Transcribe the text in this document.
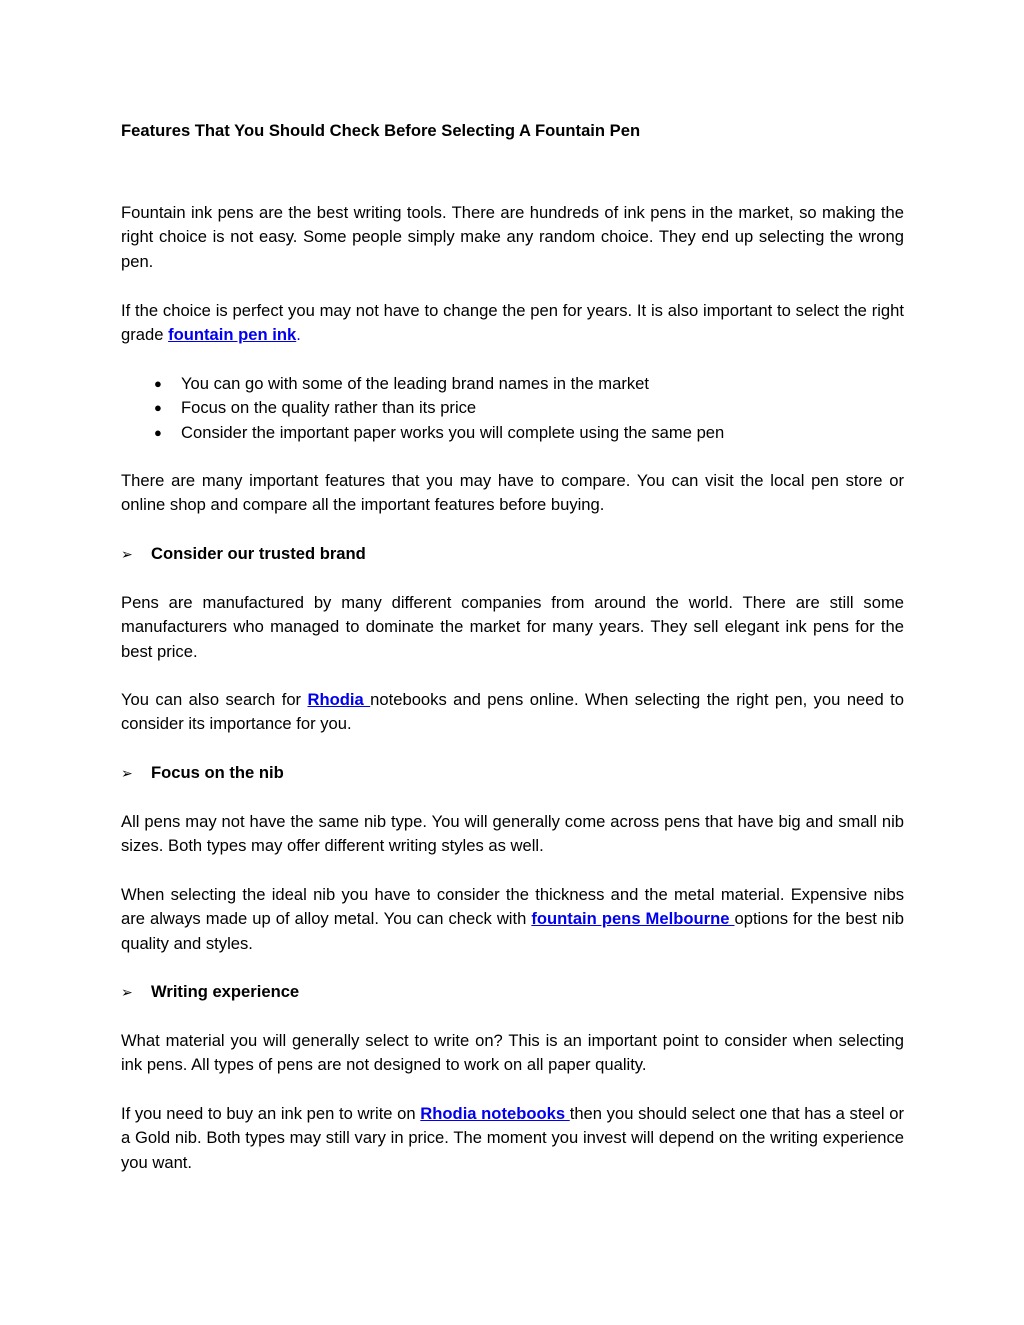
Features That You Should Check Before Selecting A Fountain Pen

Fountain ink pens are the best writing tools. There are hundreds of ink pens in the market, so making the right choice is not easy. Some people simply make any random choice. They end up selecting the wrong pen.

If the choice is perfect you may not have to change the pen for years. It is also important to select the right grade fountain pen ink.

● You can go with some of the leading brand names in the market
● Focus on the quality rather than its price
● Consider the important paper works you will complete using the same pen

There are many important features that you may have to compare. You can visit the local pen store or online shop and compare all the important features before buying.

➢ Consider our trusted brand

Pens are manufactured by many different companies from around the world. There are still some manufacturers who managed to dominate the market for many years. They sell elegant ink pens for the best price.

You can also search for Rhodia notebooks and pens online. When selecting the right pen, you need to consider its importance for you.

➢ Focus on the nib

All pens may not have the same nib type. You will generally come across pens that have big and small nib sizes. Both types may offer different writing styles as well.

When selecting the ideal nib you have to consider the thickness and the metal material. Expensive nibs are always made up of alloy metal. You can check with fountain pens Melbourne options for the best nib quality and styles.

➢ Writing experience

What material you will generally select to write on? This is an important point to consider when selecting ink pens. All types of pens are not designed to work on all paper quality.

If you need to buy an ink pen to write on Rhodia notebooks then you should select one that has a steel or a Gold nib. Both types may still vary in price. The moment you invest will depend on the writing experience you want.
